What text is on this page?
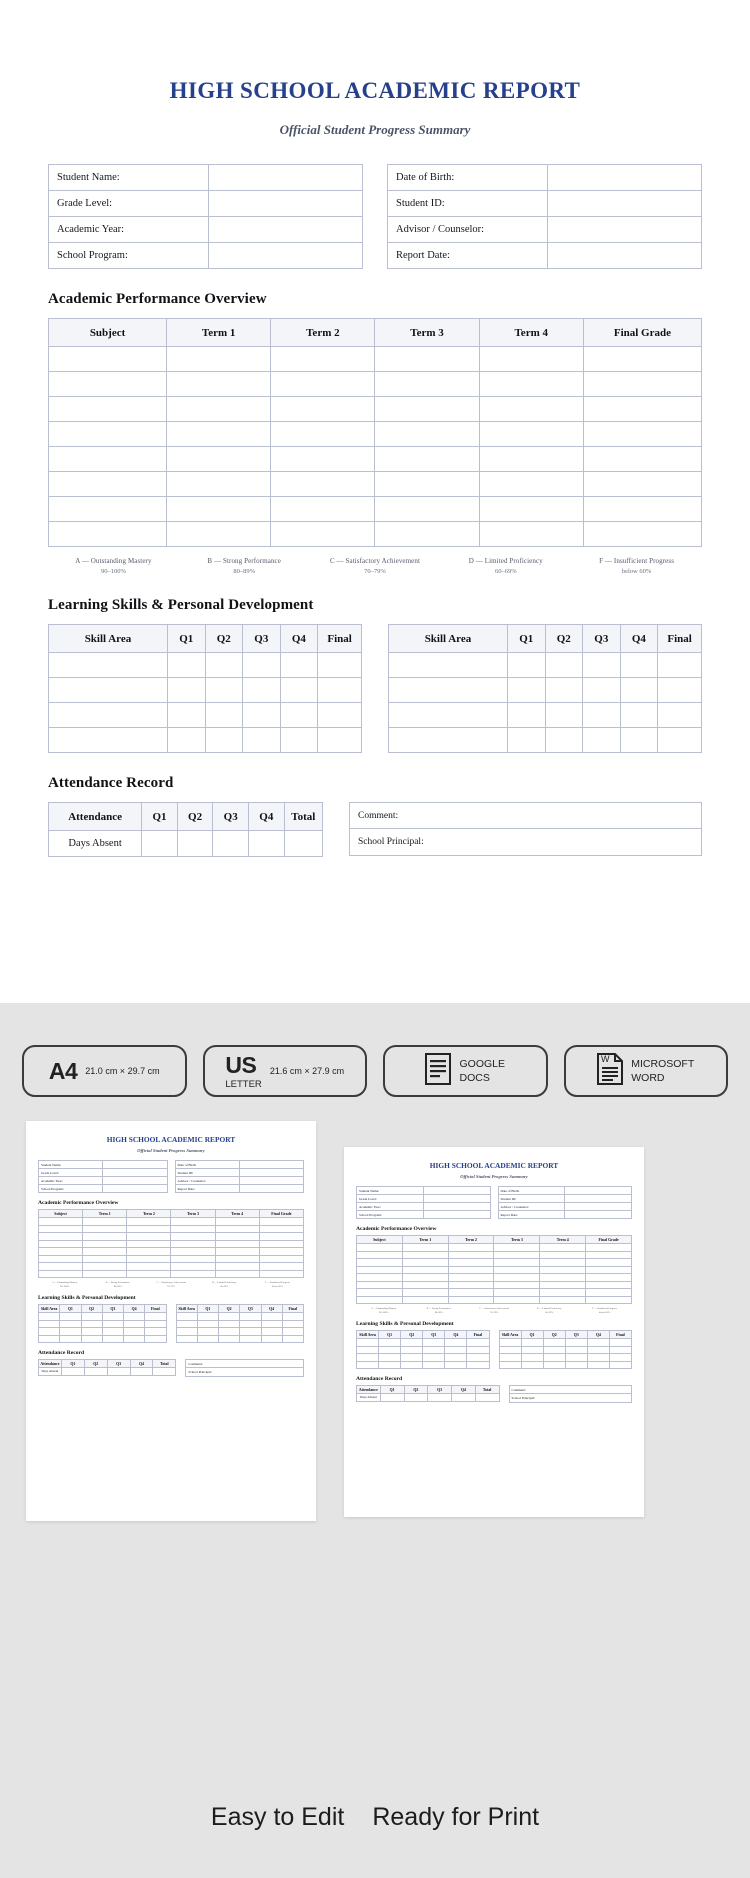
HIGH SCHOOL ACADEMIC REPORT
Official Student Progress Summary
Student Name:	
Grade Level:	
Academic Year:	
School Program:	
Date of Birth:	
Student ID:	
Advisor / Counselor:	
Report Date:	
Academic Performance Overview
Subject	Term 1	Term 2	Term 3	Term 4	Final Grade

A — Outstanding Mastery
90–100%
B — Strong Performance
80–89%
C — Satisfactory Achievement
70–79%
D — Limited Proficiency
60–69%
F — Insufficient Progress
below 60%
Learning Skills & Personal Development
Skill Area	Q1	Q2	Q3	Q4	Final

						Skill Area	Q1	Q2	Q3	Q4	Final

Attendance Record
Attendance	Q1	Q2	Q3	Q4	Total
Days Absent					
Comment:
School Principal:
A4 21.0 cm × 29.7 cm	US
LETTER
21.6 cm × 27.9 cm
GOOGLE
DOCS
W MICROSOFT
WORD
HIGH SCHOOL ACADEMIC REPORT
Official Student Progress Summary
Student Name:	
Grade Level:	
Academic Year:	
School Program:	
Date of Birth:	
Student ID:	
Advisor / Counselor:	
Report Date:	
Academic Performance Overview
Subject	Term 1	Term 2	Term 3	Term 4	Final Grade

A — Outstanding Mastery
90–100%
B — Strong Performance
80–89%
C — Satisfactory Achievement
70–79%
D — Limited Proficiency
60–69%
F — Insufficient Progress
below 60%
Learning Skills & Personal Development
Skill Area	Q1	Q2	Q3	Q4	Final

						Skill Area	Q1	Q2	Q3	Q4	Final

Attendance Record
Attendance	Q1	Q2	Q3	Q4	Total
Days Absent					
Comment:
School Principal:
HIGH SCHOOL ACADEMIC REPORT
Official Student Progress Summary
Student Name:	
Grade Level:	
Academic Year:	
School Program:	
Date of Birth:	
Student ID:	
Advisor / Counselor:	
Report Date:	
Academic Performance Overview
Subject	Term 1	Term 2	Term 3	Term 4	Final Grade

A — Outstanding Mastery
90–100%
B — Strong Performance
80–89%
C — Satisfactory Achievement
70–79%
D — Limited Proficiency
60–69%
F — Insufficient Progress
below 60%
Learning Skills & Personal Development
Skill Area	Q1	Q2	Q3	Q4	Final

						Skill Area	Q1	Q2	Q3	Q4	Final

Attendance Record
Attendance	Q1	Q2	Q3	Q4	Total
Days Absent					
Comment:
School Principal:
Easy to Edit Ready for Print
